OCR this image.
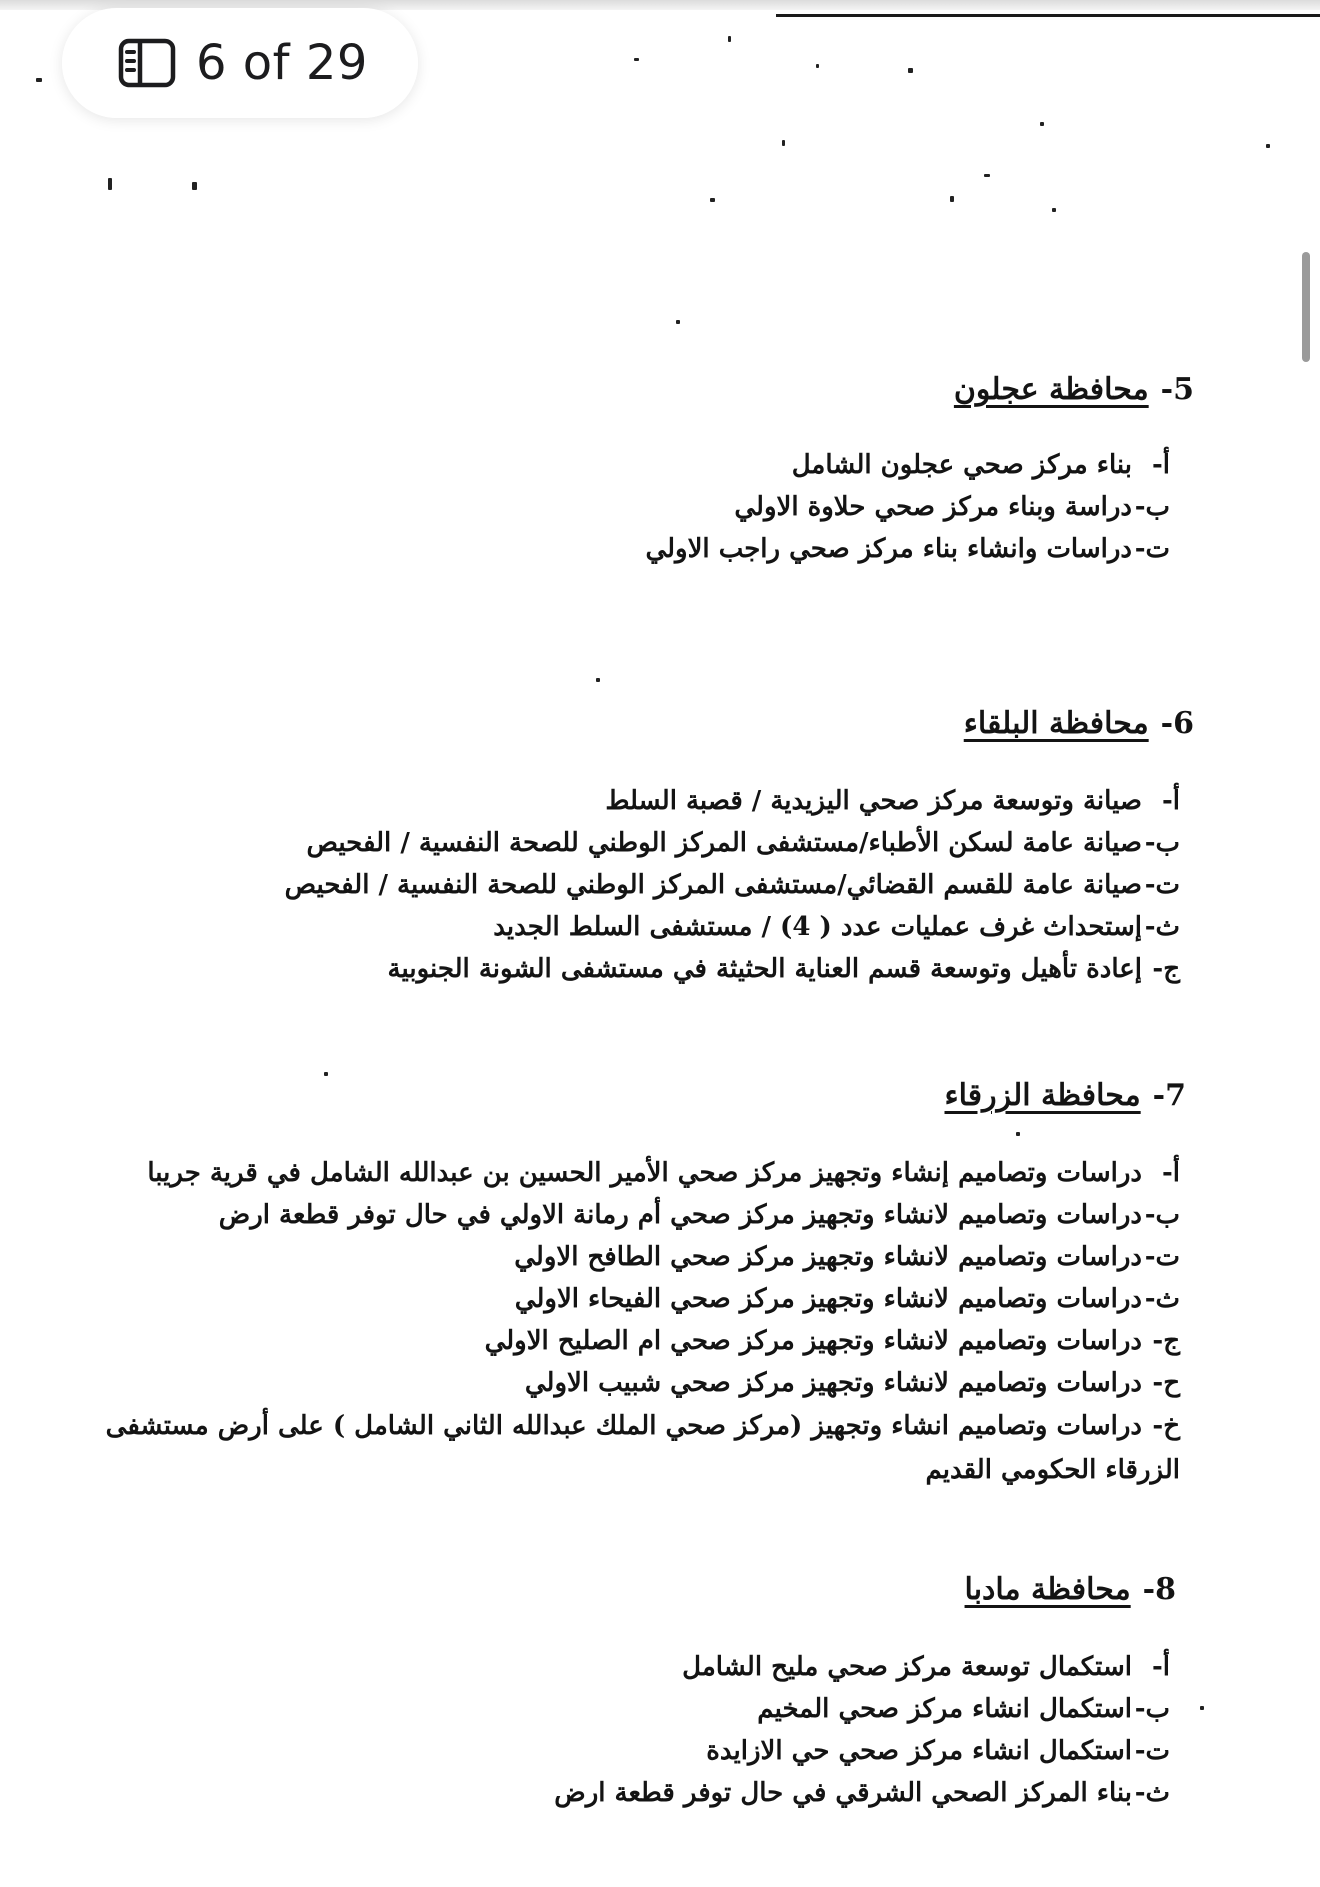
6 of 29
5-محافظة عجلون
أ-
بناء مركز صحي عجلون الشامل
ب-
دراسة وبناء مركز صحي حلاوة الاولي
ت-
دراسات وانشاء بناء مركز صحي راجب الاولي
6-محافظة البلقاء
أ-
صيانة وتوسعة مركز صحي اليزيدية / قصبة السلط
ب-
صيانة عامة لسكن الأطباء/مستشفى المركز الوطني للصحة النفسية / الفحيص
ت-
صيانة عامة للقسم القضائي/مستشفى المركز الوطني للصحة النفسية / الفحيص
ث-
إستحداث غرف عمليات عدد ( 4) / مستشفى السلط الجديد
ج-
إعادة تأهيل وتوسعة قسم العناية الحثيثة في مستشفى الشونة الجنوبية
7-محافظة الزرقاء
أ-
دراسات وتصاميم إنشاء وتجهيز مركز صحي الأمير الحسين بن عبدالله الشامل في قرية جريبا
ب-
دراسات وتصاميم لانشاء وتجهيز مركز صحي أم رمانة الاولي في حال توفر قطعة ارض
ت-
دراسات وتصاميم لانشاء وتجهيز مركز صحي الطافح الاولي
ث-
دراسات وتصاميم لانشاء وتجهيز مركز صحي الفيحاء الاولي
ج-
دراسات وتصاميم لانشاء وتجهيز مركز صحي ام الصليح الاولي
ح-
دراسات وتصاميم لانشاء وتجهيز مركز صحي شبيب الاولي
خ-دراسات وتصاميم انشاء وتجهيز (مركز صحي الملك عبدالله الثاني الشامل ) على أرض مستشفى الزرقاء الحكومي القديم
8-محافظة مادبا
أ-
استكمال توسعة مركز صحي مليح الشامل
ب-
استكمال انشاء مركز صحي المخيم
ت-
استكمال انشاء مركز صحي حي الازايدة
ث-
بناء المركز الصحي الشرقي في حال توفر قطعة ارض
